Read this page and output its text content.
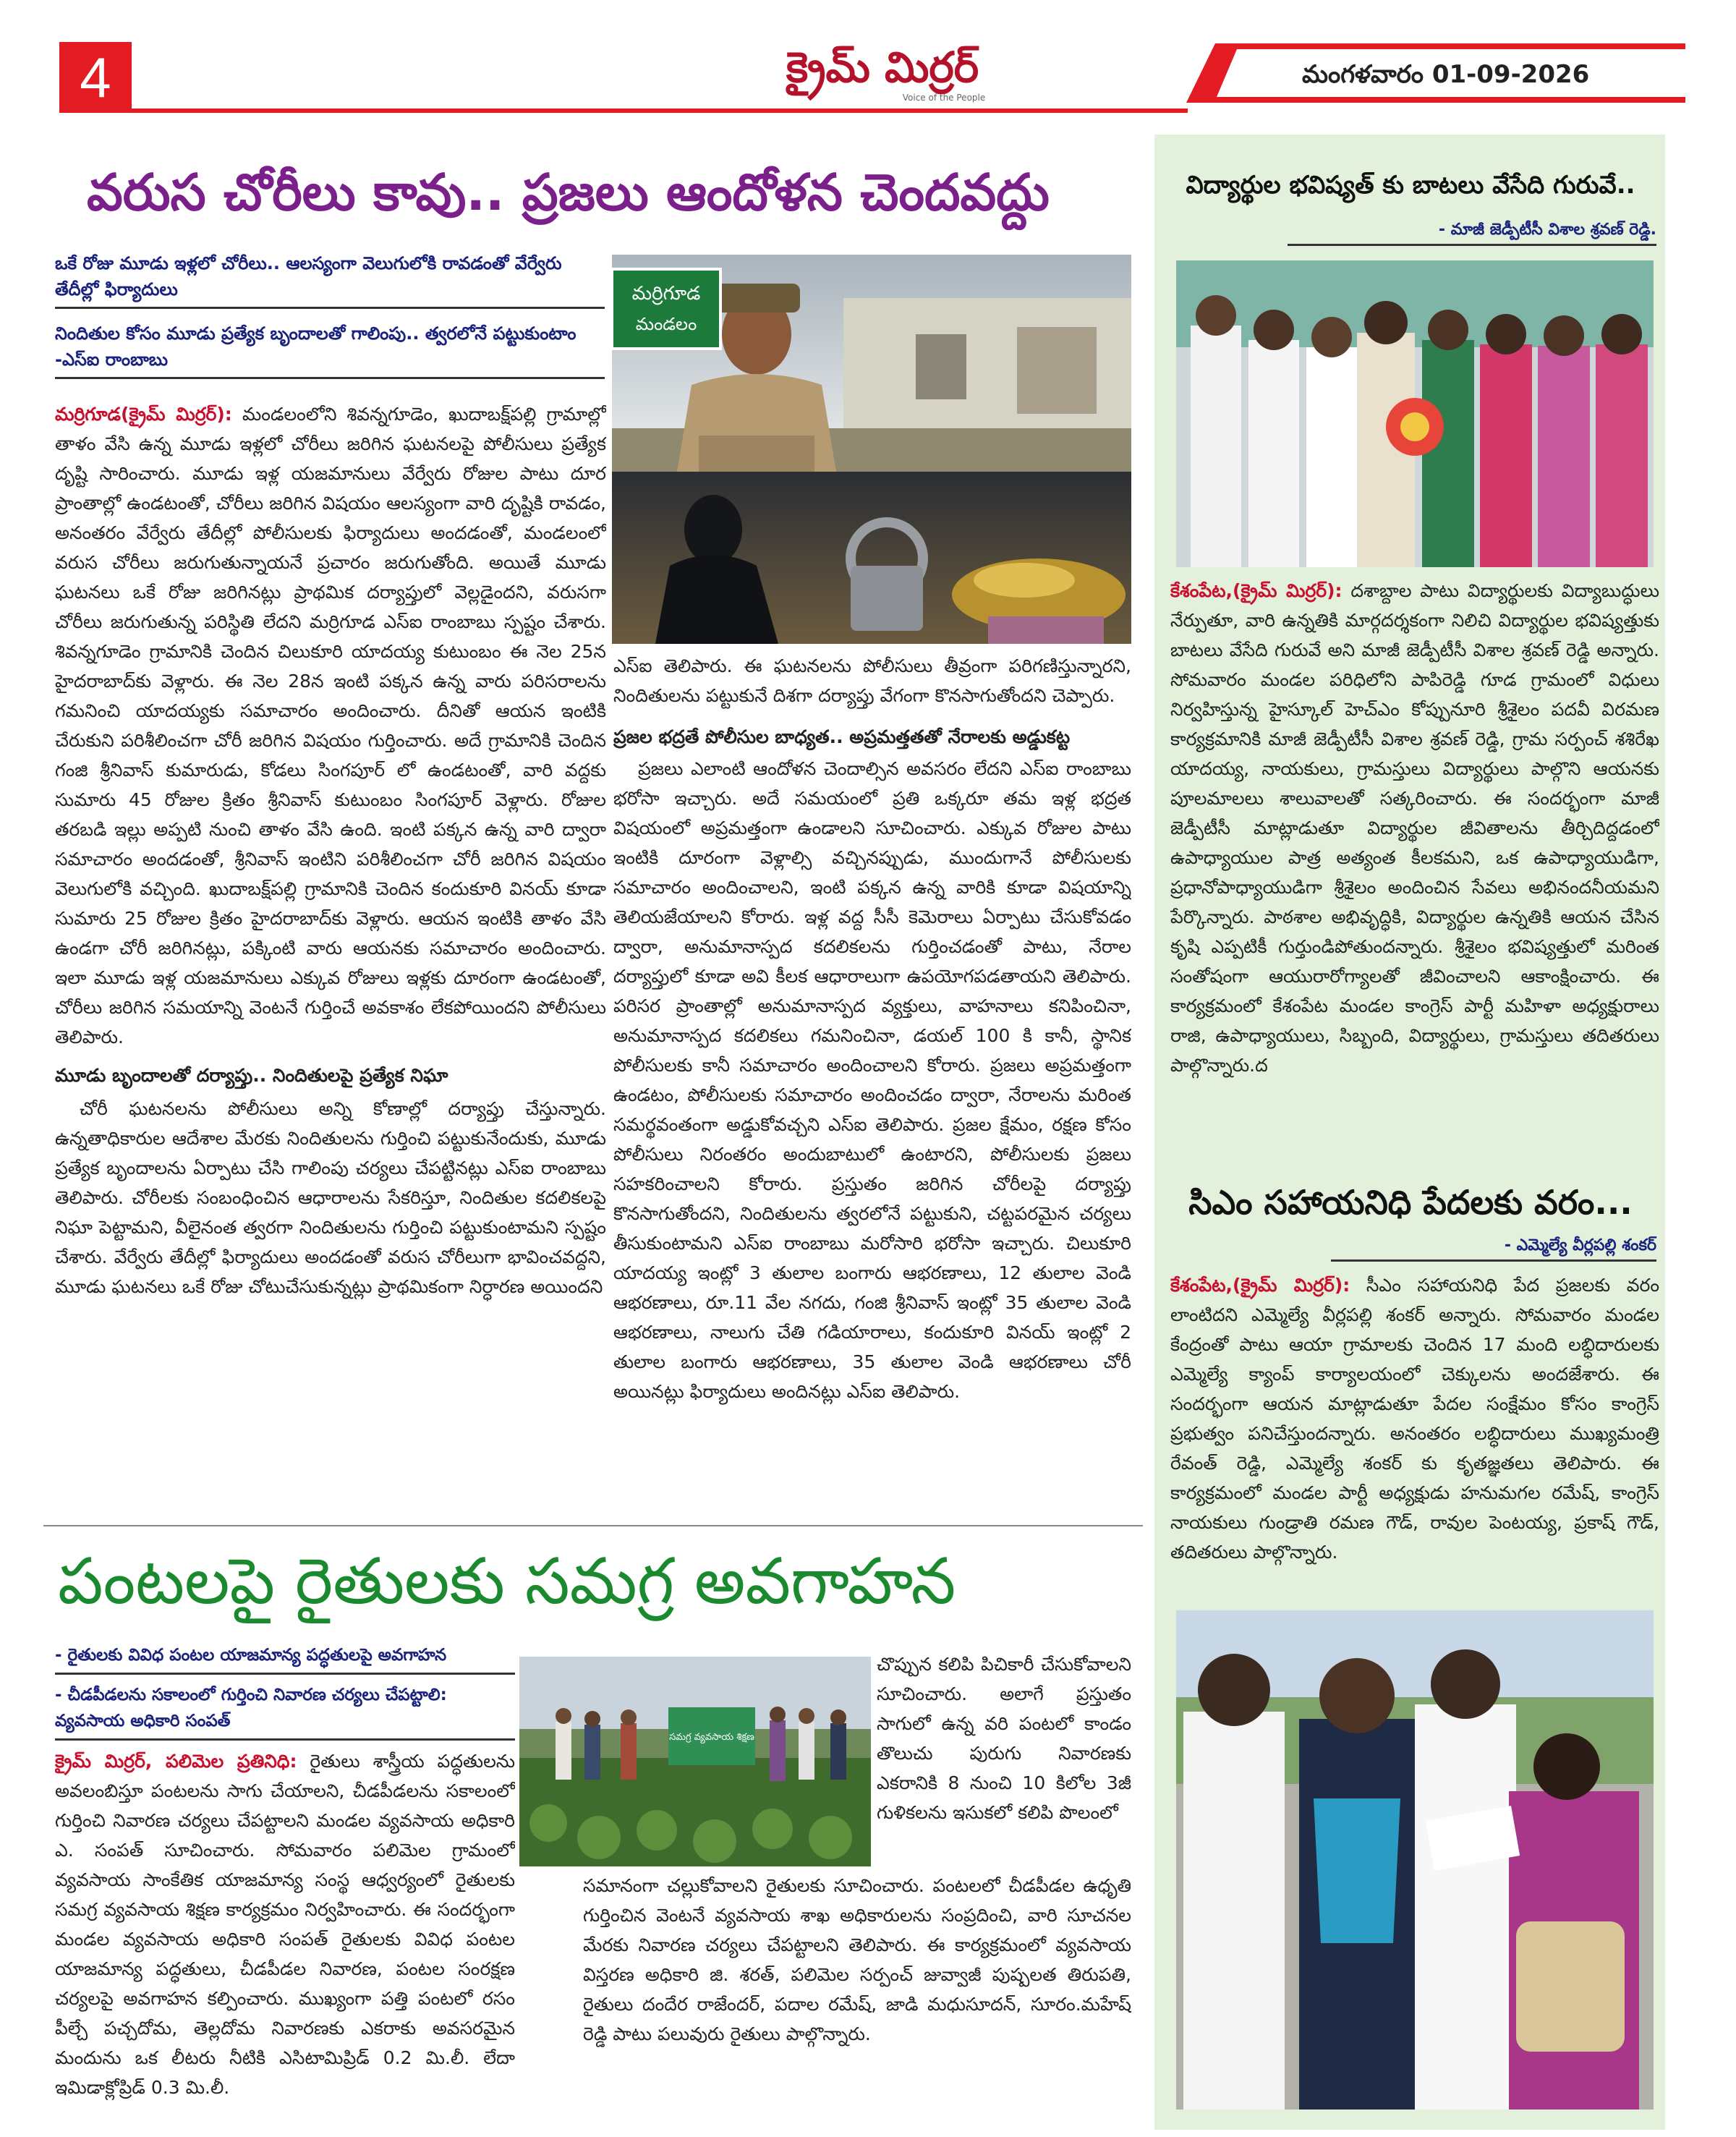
4	క్రైమ్ మిర్రర్
Voice of the People
మంగళవారం 01-09-2026
వరుస చోరీలు కావు.. ప్రజలు ఆందోళన చెందవద్దు
ఒకే రోజు మూడు ఇళ్లలో చోరీలు.. ఆలస్యంగా వెలుగులోకి రావడంతో వేర్వేరు తేదీల్లో ఫిర్యాదులు
నిందితుల కోసం మూడు ప్రత్యేక బృందాలతో గాలింపు.. త్వరలోనే పట్టుకుంటాం -ఎస్ఐ రాంబాబు
మర్రిగూడ
మండలం

మర్రిగూడ(క్రైమ్ మిర్రర్): మండలంలోని శివన్నగూడెం, ఖుదాబక్ష్‌పల్లి గ్రామాల్లో తాళం వేసి ఉన్న మూడు ఇళ్లలో చోరీలు జరిగిన ఘటనలపై పోలీసులు ప్రత్యేక దృష్టి సారించారు. మూడు ఇళ్ల యజమానులు వేర్వేరు రోజుల పాటు దూర ప్రాంతాల్లో ఉండటంతో, చోరీలు జరిగిన విషయం ఆలస్యంగా వారి దృష్టికి రావడం, అనంతరం వేర్వేరు తేదీల్లో పోలీసులకు ఫిర్యాదులు అందడంతో, మండలంలో వరుస చోరీలు జరుగుతున్నాయనే ప్రచారం జరుగుతోంది. అయితే మూడు ఘటనలు ఒకే రోజు జరిగినట్లు ప్రాథమిక దర్యాప్తులో వెల్లడైందని, వరుసగా చోరీలు జరుగుతున్న పరిస్థితి లేదని మర్రిగూడ ఎస్ఐ రాంబాబు స్పష్టం చేశారు. శివన్నగూడెం గ్రామానికి చెందిన చిలుకూరి యాదయ్య కుటుంబం ఈ నెల 25న హైదరాబాద్‌కు వెళ్లారు. ఈ నెల 28న ఇంటి పక్కన ఉన్న వారు పరిసరాలను గమనించి యాదయ్యకు సమాచారం అందించారు. దీనితో ఆయన ఇంటికి చేరుకుని పరిశీలించగా చోరీ జరిగిన విషయం గుర్తించారు. అదే గ్రామానికి చెందిన గంజి శ్రీనివాస్ కుమారుడు, కోడలు సింగపూర్ లో ఉండటంతో, వారి వద్దకు సుమారు 45 రోజుల క్రితం శ్రీనివాస్ కుటుంబం సింగపూర్ వెళ్లారు. రోజుల తరబడి ఇల్లు అప్పటి నుంచి తాళం వేసి ఉంది. ఇంటి పక్కన ఉన్న వారి ద్వారా సమాచారం అందడంతో, శ్రీనివాస్ ఇంటిని పరిశీలించగా చోరీ జరిగిన విషయం వెలుగులోకి వచ్చింది. ఖుదాబక్ష్‌పల్లి గ్రామానికి చెందిన కందుకూరి వినయ్ కూడా సుమారు 25 రోజుల క్రితం హైదరాబాద్‌కు వెళ్లారు. ఆయన ఇంటికి తాళం వేసి ఉండగా చోరీ జరిగినట్లు, పక్కింటి వారు ఆయనకు సమాచారం అందించారు. ఇలా మూడు ఇళ్ల యజమానులు ఎక్కువ రోజులు ఇళ్లకు దూరంగా ఉండటంతో, చోరీలు జరిగిన సమయాన్ని వెంటనే గుర్తించే అవకాశం లేకపోయిందని పోలీసులు తెలిపారు.

మూడు బృందాలతో దర్యాప్తు.. నిందితులపై ప్రత్యేక నిఘా

చోరీ ఘటనలను పోలీసులు అన్ని కోణాల్లో దర్యాప్తు చేస్తున్నారు. ఉన్నతాధికారుల ఆదేశాల మేరకు నిందితులను గుర్తించి పట్టుకునేందుకు, మూడు ప్రత్యేక బృందాలను ఏర్పాటు చేసి గాలింపు చర్యలు చేపట్టినట్లు ఎస్ఐ రాంబాబు తెలిపారు. చోరీలకు సంబంధించిన ఆధారాలను సేకరిస్తూ, నిందితుల కదలికలపై నిఘా పెట్టామని, వీలైనంత త్వరగా నిందితులను గుర్తించి పట్టుకుంటామని స్పష్టం చేశారు. వేర్వేరు తేదీల్లో ఫిర్యాదులు అందడంతో వరుస చోరీలుగా భావించవద్దని, మూడు ఘటనలు ఒకే రోజు చోటుచేసుకున్నట్లు ప్రాథమికంగా నిర్ధారణ అయిందని

ఎస్ఐ తెలిపారు. ఈ ఘటనలను పోలీసులు తీవ్రంగా పరిగణిస్తున్నారని, నిందితులను పట్టుకునే దిశగా దర్యాప్తు వేగంగా కొనసాగుతోందని చెప్పారు.

ప్రజల భద్రతే పోలీసుల బాధ్యత.. అప్రమత్తతతో నేరాలకు అడ్డుకట్ట

ప్రజలు ఎలాంటి ఆందోళన చెందాల్సిన అవసరం లేదని ఎస్ఐ రాంబాబు భరోసా ఇచ్చారు. అదే సమయంలో ప్రతి ఒక్కరూ తమ ఇళ్ల భద్రత విషయంలో అప్రమత్తంగా ఉండాలని సూచించారు. ఎక్కువ రోజుల పాటు ఇంటికి దూరంగా వెళ్లాల్సి వచ్చినప్పుడు, ముందుగానే పోలీసులకు సమాచారం అందించాలని, ఇంటి పక్కన ఉన్న వారికి కూడా విషయాన్ని తెలియజేయాలని కోరారు. ఇళ్ల వద్ద సీసీ కెమెరాలు ఏర్పాటు చేసుకోవడం ద్వారా, అనుమానాస్పద కదలికలను గుర్తించడంతో పాటు, నేరాల దర్యాప్తులో కూడా అవి కీలక ఆధారాలుగా ఉపయోగపడతాయని తెలిపారు. పరిసర ప్రాంతాల్లో అనుమానాస్పద వ్యక్తులు, వాహనాలు కనిపించినా, అనుమానాస్పద కదలికలు గమనించినా, డయల్ 100 కి కానీ, స్థానిక పోలీసులకు కానీ సమాచారం అందించాలని కోరారు. ప్రజలు అప్రమత్తంగా ఉండటం, పోలీసులకు సమాచారం అందించడం ద్వారా, నేరాలను మరింత సమర్థవంతంగా అడ్డుకోవచ్చని ఎస్ఐ తెలిపారు. ప్రజల క్షేమం, రక్షణ కోసం పోలీసులు నిరంతరం అందుబాటులో ఉంటారని, పోలీసులకు ప్రజలు సహకరించాలని కోరారు. ప్రస్తుతం జరిగిన చోరీలపై దర్యాప్తు కొనసాగుతోందని, నిందితులను త్వరలోనే పట్టుకుని, చట్టపరమైన చర్యలు తీసుకుంటామని ఎస్ఐ రాంబాబు మరోసారి భరోసా ఇచ్చారు. చిలుకూరి యాదయ్య ఇంట్లో 3 తులాల బంగారు ఆభరణాలు, 12 తులాల వెండి ఆభరణాలు, రూ.11 వేల నగదు, గంజి శ్రీనివాస్ ఇంట్లో 35 తులాల వెండి ఆభరణాలు, నాలుగు చేతి గడియారాలు, కందుకూరి వినయ్ ఇంట్లో 2 తులాల బంగారు ఆభరణాలు, 35 తులాల వెండి ఆభరణాలు చోరీ అయినట్లు ఫిర్యాదులు అందినట్లు ఎస్ఐ తెలిపారు.

పంటలపై రైతులకు సమగ్ర అవగాహన
- రైతులకు వివిధ పంటల యాజమాన్య పద్ధతులపై అవగాహన
- చీడపీడలను సకాలంలో గుర్తించి నివారణ చర్యలు చేపట్టాలి: వ్యవసాయ అధికారి సంపత్
సమగ్ర వ్యవసాయ శిక్షణ

క్రైమ్ మిర్రర్, పలిమెల ప్రతినిధి: రైతులు శాస్త్రీయ పద్ధతులను అవలంబిస్తూ పంటలను సాగు చేయాలని, చీడపీడలను సకాలంలో గుర్తించి నివారణ చర్యలు చేపట్టాలని మండల వ్యవసాయ అధికారి ఎ. సంపత్ సూచించారు. సోమవారం పలిమెల గ్రామంలో వ్యవసాయ సాంకేతిక యాజమాన్య సంస్థ ఆధ్వర్యంలో రైతులకు సమగ్ర వ్యవసాయ శిక్షణ కార్యక్రమం నిర్వహించారు. ఈ సందర్భంగా మండల వ్యవసాయ అధికారి సంపత్ రైతులకు వివిధ పంటల యాజమాన్య పద్ధతులు, చీడపీడల నివారణ, పంటల సంరక్షణ చర్యలపై అవగాహన కల్పించారు. ముఖ్యంగా పత్తి పంటలో రసం పీల్చే పచ్చదోమ, తెల్లదోమ నివారణకు ఎకరాకు అవసరమైన మందును ఒక లీటరు నీటికి ఎసిటామిప్రిడ్ 0.2 మి.లీ. లేదా ఇమిడాక్లోప్రిడ్ 0.3 మి.లీ.

చొప్పున కలిపి పిచికారీ చేసుకోవాలని సూచించారు. అలాగే ప్రస్తుతం సాగులో ఉన్న వరి పంటలో కాండం తొలుచు పురుగు నివారణకు ఎకరానికి 8 నుంచి 10 కిలోల 3జీ గుళికలను ఇసుకలో కలిపి పొలంలో

సమానంగా చల్లుకోవాలని రైతులకు సూచించారు. పంటలలో చీడపీడల ఉధృతి గుర్తించిన వెంటనే వ్యవసాయ శాఖ అధికారులను సంప్రదించి, వారి సూచనల మేరకు నివారణ చర్యలు చేపట్టాలని తెలిపారు. ఈ కార్యక్రమంలో వ్యవసాయ విస్తరణ అధికారి జి. శరత్, పలిమెల సర్పంచ్ జువ్వాజీ పుష్పలత తిరుపతి, రైతులు దందేర రాజేందర్, పదాల రమేష్, జాడి మధుసూదన్, సూరం.మహేష్ రెడ్డి పాటు పలువురు రైతులు పాల్గొన్నారు.

విద్యార్థుల భవిష్యత్ కు బాటలు వేసేది గురువే..
- మాజీ జెడ్పీటీసీ విశాల శ్రవణ్ రెడ్డి.

కేశంపేట,(క్రైమ్ మిర్రర్): దశాబ్దాల పాటు విద్యార్థులకు విద్యాబుద్ధులు నేర్పుతూ, వారి ఉన్నతికి మార్గదర్శకంగా నిలిచి విద్యార్థుల భవిష్యత్తుకు బాటలు వేసేది గురువే అని మాజీ జెడ్పీటీసీ విశాల శ్రవణ్ రెడ్డి అన్నారు. సోమవారం మండల పరిధిలోని పాపిరెడ్డి గూడ గ్రామంలో విధులు నిర్వహిస్తున్న హైస్కూల్ హెచ్ఎం కోప్పునూరి శ్రీశైలం పదవీ విరమణ కార్యక్రమానికి మాజీ జెడ్పీటీసీ విశాల శ్రవణ్ రెడ్డి, గ్రామ సర్పంచ్ శశిరేఖ యాదయ్య, నాయకులు, గ్రామస్తులు విద్యార్థులు పాల్గొని ఆయనకు పూలమాలలు శాలువాలతో సత్కరించారు. ఈ సందర్భంగా మాజీ జెడ్పీటీసీ మాట్లాడుతూ విద్యార్థుల జీవితాలను తీర్చిదిద్దడంలో ఉపాధ్యాయుల పాత్ర అత్యంత కీలకమని, ఒక ఉపాధ్యాయుడిగా, ప్రధానోపాధ్యాయుడిగా శ్రీశైలం అందించిన సేవలు అభినందనీయమని పేర్కొన్నారు. పాఠశాల అభివృద్ధికి, విద్యార్థుల ఉన్నతికి ఆయన చేసిన కృషి ఎప్పటికీ గుర్తుండిపోతుందన్నారు. శ్రీశైలం భవిష్యత్తులో మరింత సంతోషంగా ఆయురారోగ్యాలతో జీవించాలని ఆకాంక్షించారు. ఈ కార్యక్రమంలో కేశంపేట మండల కాంగ్రెస్ పార్టీ మహిళా అధ్యక్షురాలు రాజి, ఉపాధ్యాయులు, సిబ్బంది, విద్యార్థులు, గ్రామస్తులు తదితరులు పాల్గొన్నారు.ద

సిఎం సహాయనిధి పేదలకు వరం...
- ఎమ్మెల్యే వీర్లపల్లి శంకర్

కేశంపేట,(క్రైమ్ మిర్రర్): సీఎం సహాయనిధి పేద ప్రజలకు వరం లాంటిదని ఎమ్మెల్యే వీర్లపల్లి శంకర్ అన్నారు. సోమవారం మండల కేంద్రంతో పాటు ఆయా గ్రామాలకు చెందిన 17 మంది లబ్ధిదారులకు ఎమ్మెల్యే క్యాంప్ కార్యాలయంలో చెక్కులను అందజేశారు. ఈ సందర్భంగా ఆయన మాట్లాడుతూ పేదల సంక్షేమం కోసం కాంగ్రెస్ ప్రభుత్వం పనిచేస్తుందన్నారు. అనంతరం లబ్ధిదారులు ముఖ్యమంత్రి రేవంత్ రెడ్డి, ఎమ్మెల్యే శంకర్ కు కృతజ్ఞతలు తెలిపారు. ఈ కార్యక్రమంలో మండల పార్టీ అధ్యక్షుడు హనుమగల రమేష్, కాంగ్రెస్ నాయకులు గుండ్రాతి రమణ గౌడ్, రావుల పెంటయ్య, ప్రకాష్ గౌడ్, తదితరులు పాల్గొన్నారు.
